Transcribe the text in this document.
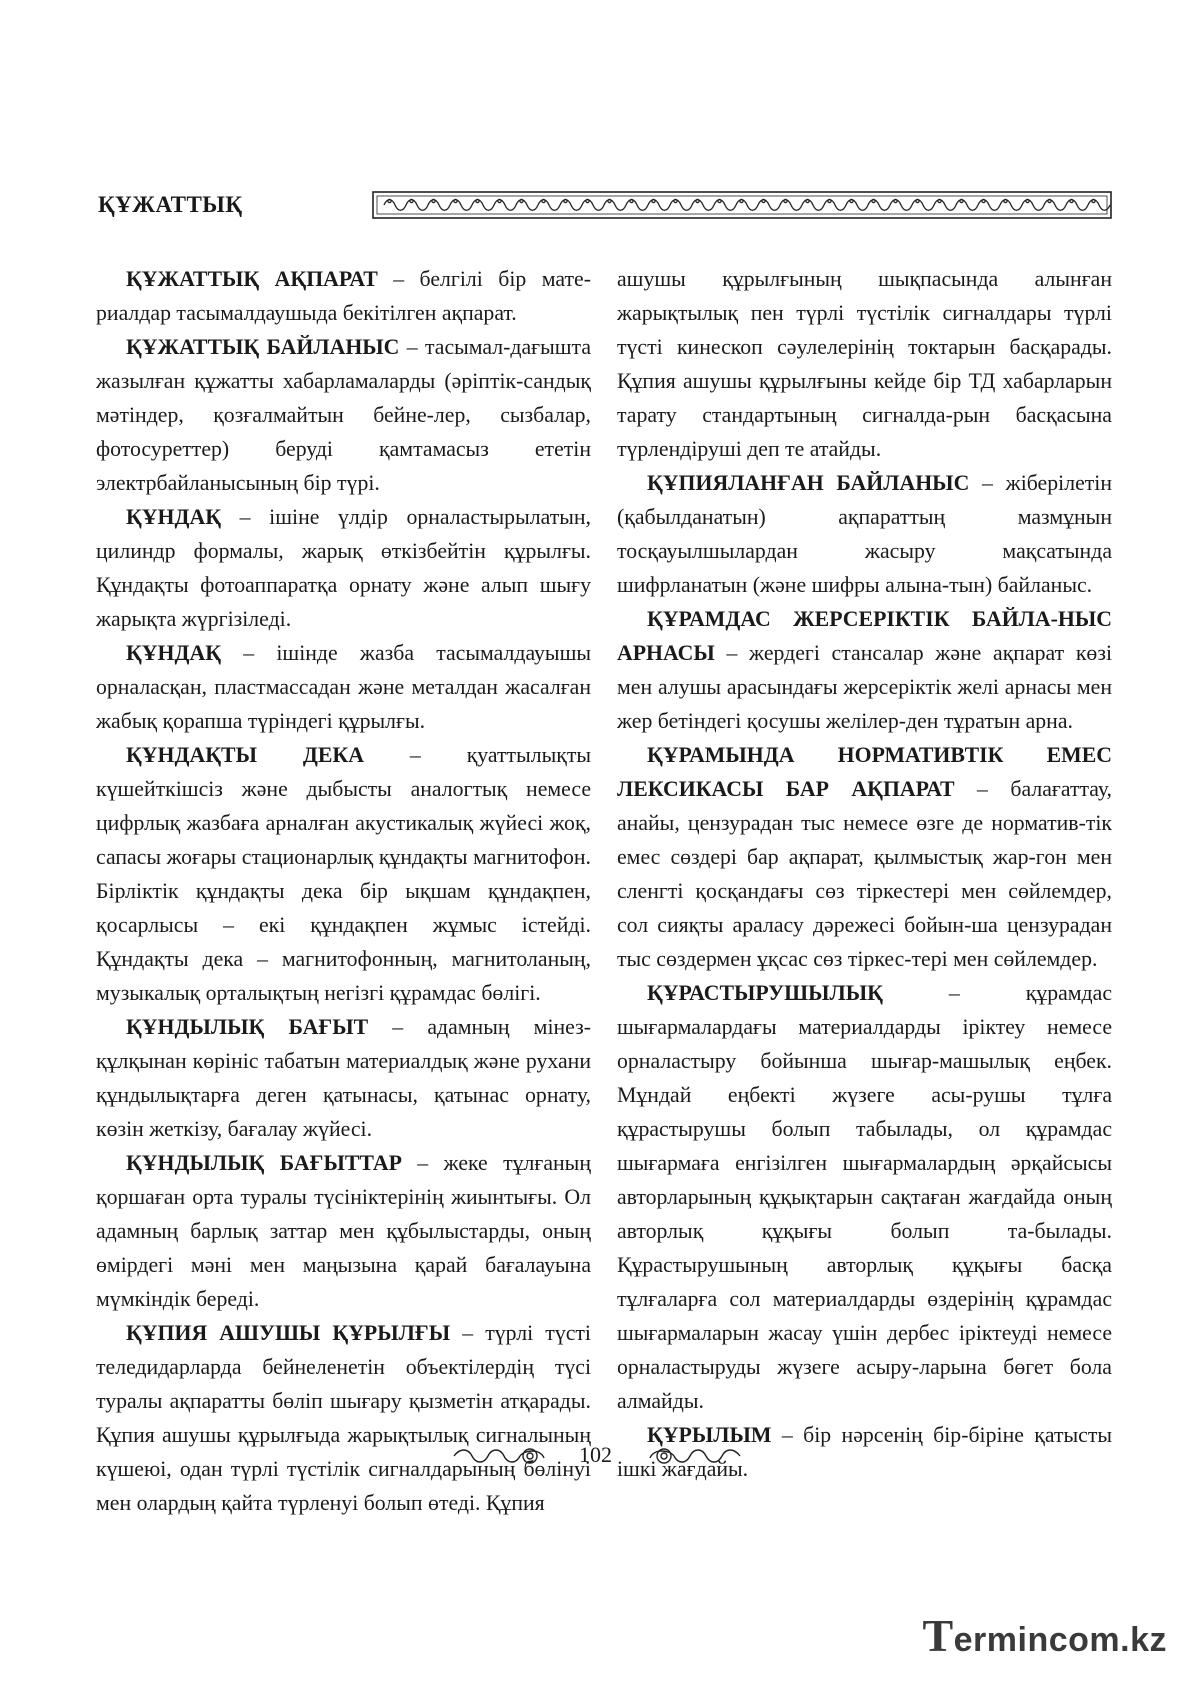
ҚҰЖАТТЫҚ

ҚҰЖАТТЫҚ АҚПАРАТ – белгілі бір мате-риалдар тасымалдаушыда бекітілген ақпарат.

ҚҰЖАТТЫҚ БАЙЛАНЫС – тасымал-дағышта жазылған құжатты хабарламаларды (әріптік-сандық мәтіндер, қозғалмайтын бейне-лер, сызбалар, фотосуреттер) беруді қамтамасыз ететін электрбайланысының бір түрі.

ҚҰНДАҚ – ішіне үлдір орналастырылатын, цилиндр формалы, жарық өткізбейтін құрылғы. Құндақты фотоаппаратқа орнату және алып шығу жарықта жүргізіледі.

ҚҰНДАҚ – ішінде жазба тасымалдауышы орналасқан, пластмассадан және металдан жасалған жабық қорапша түріндегі құрылғы.

ҚҰНДАҚТЫ ДЕКА – қуаттылықты күшейткішсіз және дыбысты аналогтық немесе цифрлық жазбаға арналған акустикалық жүйесі жоқ, сапасы жоғары стационарлық құндақты магнитофон. Бірліктік құндақты дека бір ықшам құндақпен, қосарлысы – екі құндақпен жұмыс істейді. Құндақты дека – магнитофонның, магнитоланың, музыкалық орталықтың негізгі құрамдас бөлігі.

ҚҰНДЫЛЫҚ БАҒЫТ – адамның мінез-құлқынан көрініс табатын материалдық және рухани құндылықтарға деген қатынасы, қатынас орнату, көзін жеткізу, бағалау жүйесі.

ҚҰНДЫЛЫҚ БАҒЫТТАР – жеке тұлғаның қоршаған орта туралы түсініктерінің жиынтығы. Ол адамның барлық заттар мен құбылыстарды, оның өмірдегі мәні мен маңызына қарай бағалауына мүмкіндік береді.

ҚҰПИЯ АШУШЫ ҚҰРЫЛҒЫ – түрлі түсті теледидарларда бейнеленетін объектілердің түсі туралы ақпаратты бөліп шығару қызметін атқарады. Құпия ашушы құрылғыда жарықтылық сигналының күшеюі, одан түрлі түстілік сигналдарының бөлінуі мен олардың қайта түрленуі болып өтеді. Құпия

ашушы құрылғының шықпасында алынған жарықтылық пен түрлі түстілік сигналдары түрлі түсті кинескоп сәулелерінің токтарын басқарады. Құпия ашушы құрылғыны кейде бір ТД хабарларын тарату стандартының сигналда-рын басқасына түрлендіруші деп те атайды.

ҚҰПИЯЛАНҒАН БАЙЛАНЫС – жіберілетін (қабылданатын) ақпараттың мазмұнын тосқауылшылардан жасыру мақсатында шифрланатын (және шифры алына-тын) байланыс.

ҚҰРАМДАС ЖЕРСЕРІКТІК БАЙЛА-НЫС АРНАСЫ – жердегі стансалар және ақпарат көзі мен алушы арасындағы жерсеріктік желі арнасы мен жер бетіндегі қосушы желілер-ден тұратын арна.

ҚҰРАМЫНДА НОРМАТИВТІК ЕМЕС ЛЕКСИКАСЫ БАР АҚПАРАТ – балағаттау, анайы, цензурадан тыс немесе өзге де норматив-тік емес сөздері бар ақпарат, қылмыстық жар-гон мен сленгті қосқандағы сөз тіркестері мен сөйлемдер, сол сияқты араласу дәрежесі бойын-ша цензурадан тыс сөздермен ұқсас сөз тіркес-тері мен сөйлемдер.

ҚҰРАСТЫРУШЫЛЫҚ – құрамдас шығармалардағы материалдарды іріктеу немесе орналастыру бойынша шығар-машылық еңбек. Мұндай еңбекті жүзеге асы-рушы тұлға құрастырушы болып табылады, ол құрамдас шығармаға енгізілген шығармалардың әрқайсысы авторларының құқықтарын сақтаған жағдайда оның авторлық құқығы болып та-былады. Құрастырушының авторлық құқығы басқа тұлғаларға сол материалдарды өздерінің құрамдас шығармаларын жасау үшін дербес іріктеуді немесе орналастыруды жүзеге асыру-ларына бөгет бола алмайды.

ҚҰРЫЛЫМ – бір нәрсенің бір-біріне қатысты ішкі жағдайы.

102
Termincom.kz
